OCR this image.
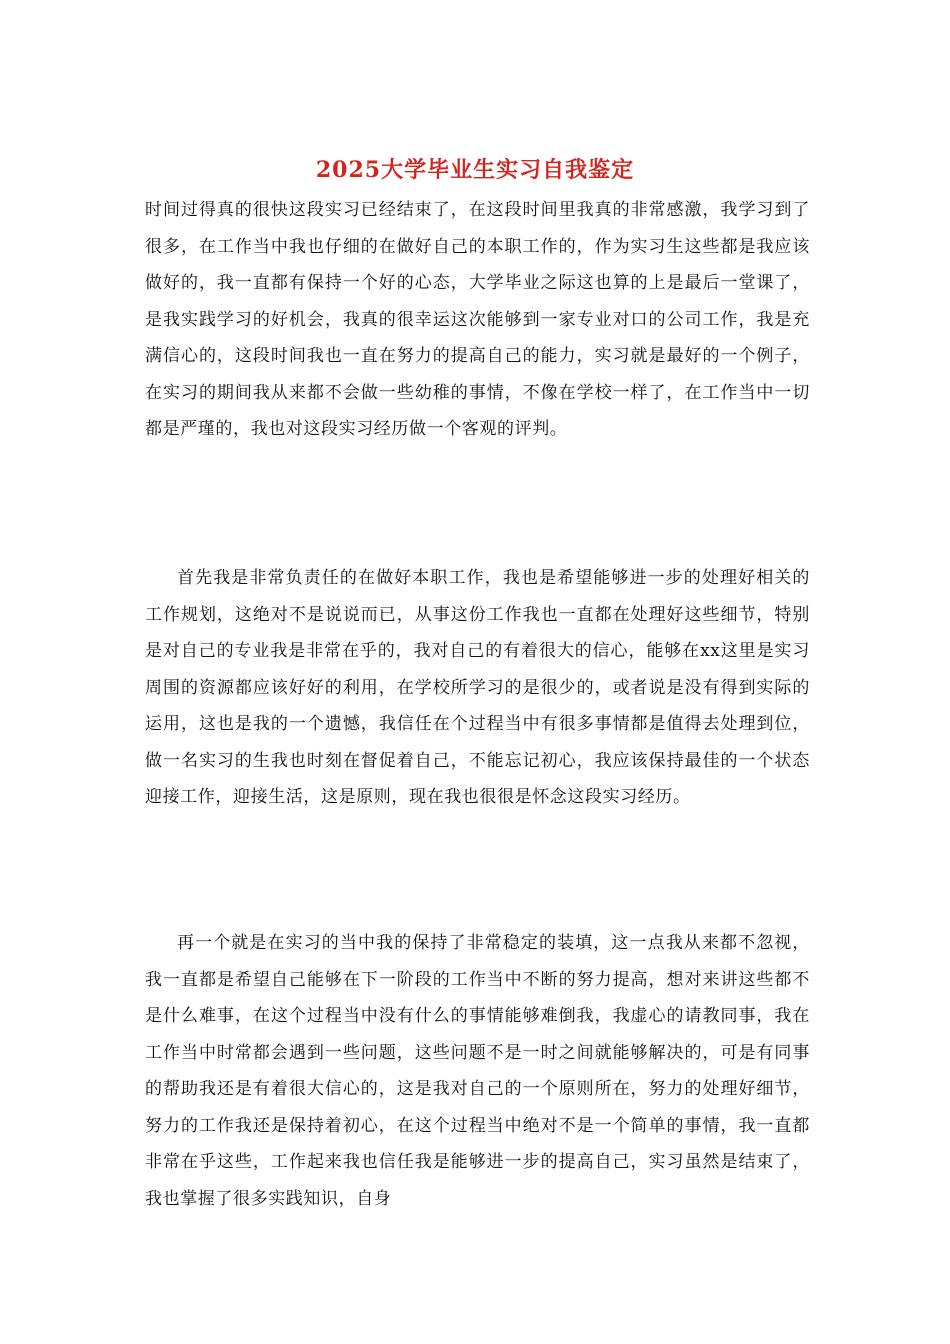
2025大学毕业生实习自我鉴定

时间过得真的很快这段实习已经结束了，在这段时间里我真的非常感激，我学习到了很多，在工作当中我也仔细的在做好自己的本职工作的，作为实习生这些都是我应该做好的，我一直都有保持一个好的心态，大学毕业之际这也算的上是最后一堂课了，是我实践学习的好机会，我真的很幸运这次能够到一家专业对口的公司工作，我是充满信心的，这段时间我也一直在努力的提高自己的能力，实习就是最好的一个例子，在实习的期间我从来都不会做一些幼稚的事情，不像在学校一样了，在工作当中一切都是严瑾的，我也对这段实习经历做一个客观的评判。

首先我是非常负责任的在做好本职工作，我也是希望能够进一步的处理好相关的工作规划，这绝对不是说说而已，从事这份工作我也一直都在处理好这些细节，特别是对自己的专业我是非常在乎的，我对自己的有着很大的信心，能够在xx这里是实习周围的资源都应该好好的利用，在学校所学习的是很少的，或者说是没有得到实际的运用，这也是我的一个遗憾，我信任在个过程当中有很多事情都是值得去处理到位，做一名实习的生我也时刻在督促着自己，不能忘记初心，我应该保持最佳的一个状态迎接工作，迎接生活，这是原则，现在我也很很是怀念这段实习经历。

再一个就是在实习的当中我的保持了非常稳定的装填，这一点我从来都不忽视，我一直都是希望自己能够在下一阶段的工作当中不断的努力提高，想对来讲这些都不是什么难事，在这个过程当中没有什么的事情能够难倒我，我虚心的请教同事，我在工作当中时常都会遇到一些问题，这些问题不是一时之间就能够解决的，可是有同事的帮助我还是有着很大信心的，这是我对自己的一个原则所在，努力的处理好细节，努力的工作我还是保持着初心，在这个过程当中绝对不是一个简单的事情，我一直都非常在乎这些，工作起来我也信任我是能够进一步的提高自己，实习虽然是结束了，我也掌握了很多实践知识，自身
